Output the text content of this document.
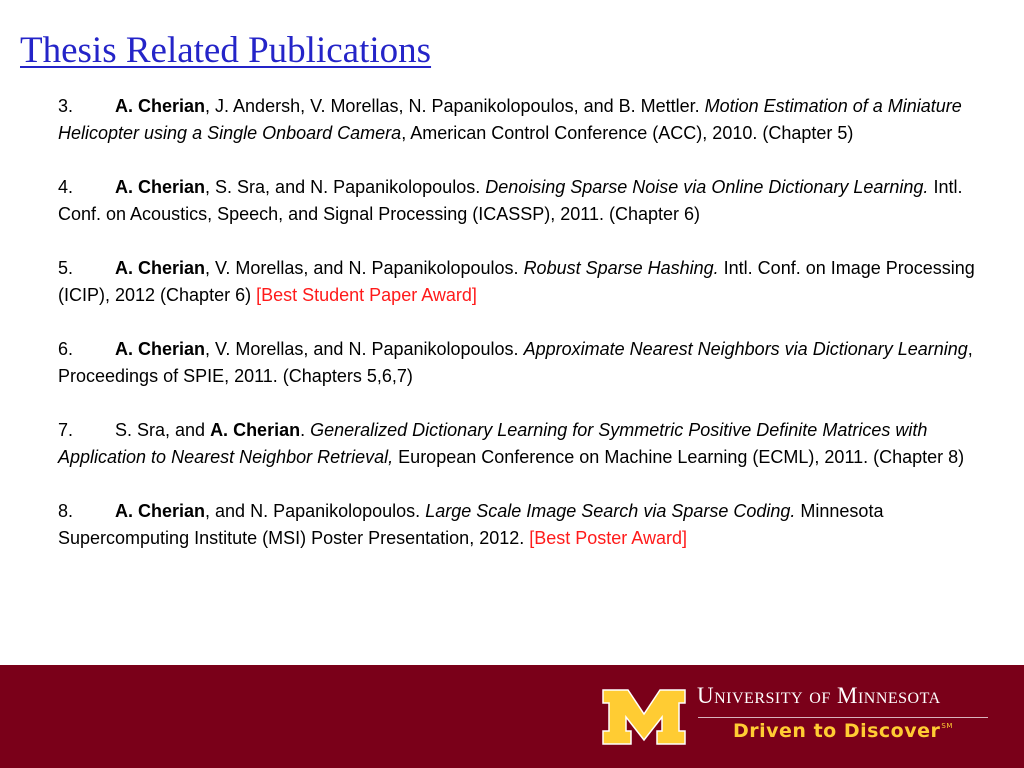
Thesis Related Publications

3. A. Cherian, J. Andersh, V. Morellas, N. Papanikolopoulos, and B. Mettler. Motion Estimation of a Miniature Helicopter using a Single Onboard Camera, American Control Conference (ACC), 2010. (Chapter 5)

4. A. Cherian, S. Sra, and N. Papanikolopoulos. Denoising Sparse Noise via Online Dictionary Learning. Intl. Conf. on Acoustics, Speech, and Signal Processing (ICASSP), 2011. (Chapter 6)

5. A. Cherian, V. Morellas, and N. Papanikolopoulos. Robust Sparse Hashing. Intl. Conf. on Image Processing (ICIP), 2012 (Chapter 6) [Best Student Paper Award]

6. A. Cherian, V. Morellas, and N. Papanikolopoulos. Approximate Nearest Neighbors via Dictionary Learning, Proceedings of SPIE, 2011. (Chapters 5,6,7)

7. S. Sra, and A. Cherian. Generalized Dictionary Learning for Symmetric Positive Definite Matrices with Application to Nearest Neighbor Retrieval, European Conference on Machine Learning (ECML), 2011. (Chapter 8)

8. A. Cherian, and N. Papanikolopoulos. Large Scale Image Search via Sparse Coding. Minnesota Supercomputing Institute (MSI) Poster Presentation, 2012. [Best Poster Award]

University of Minnesota
Driven to Discover℠
